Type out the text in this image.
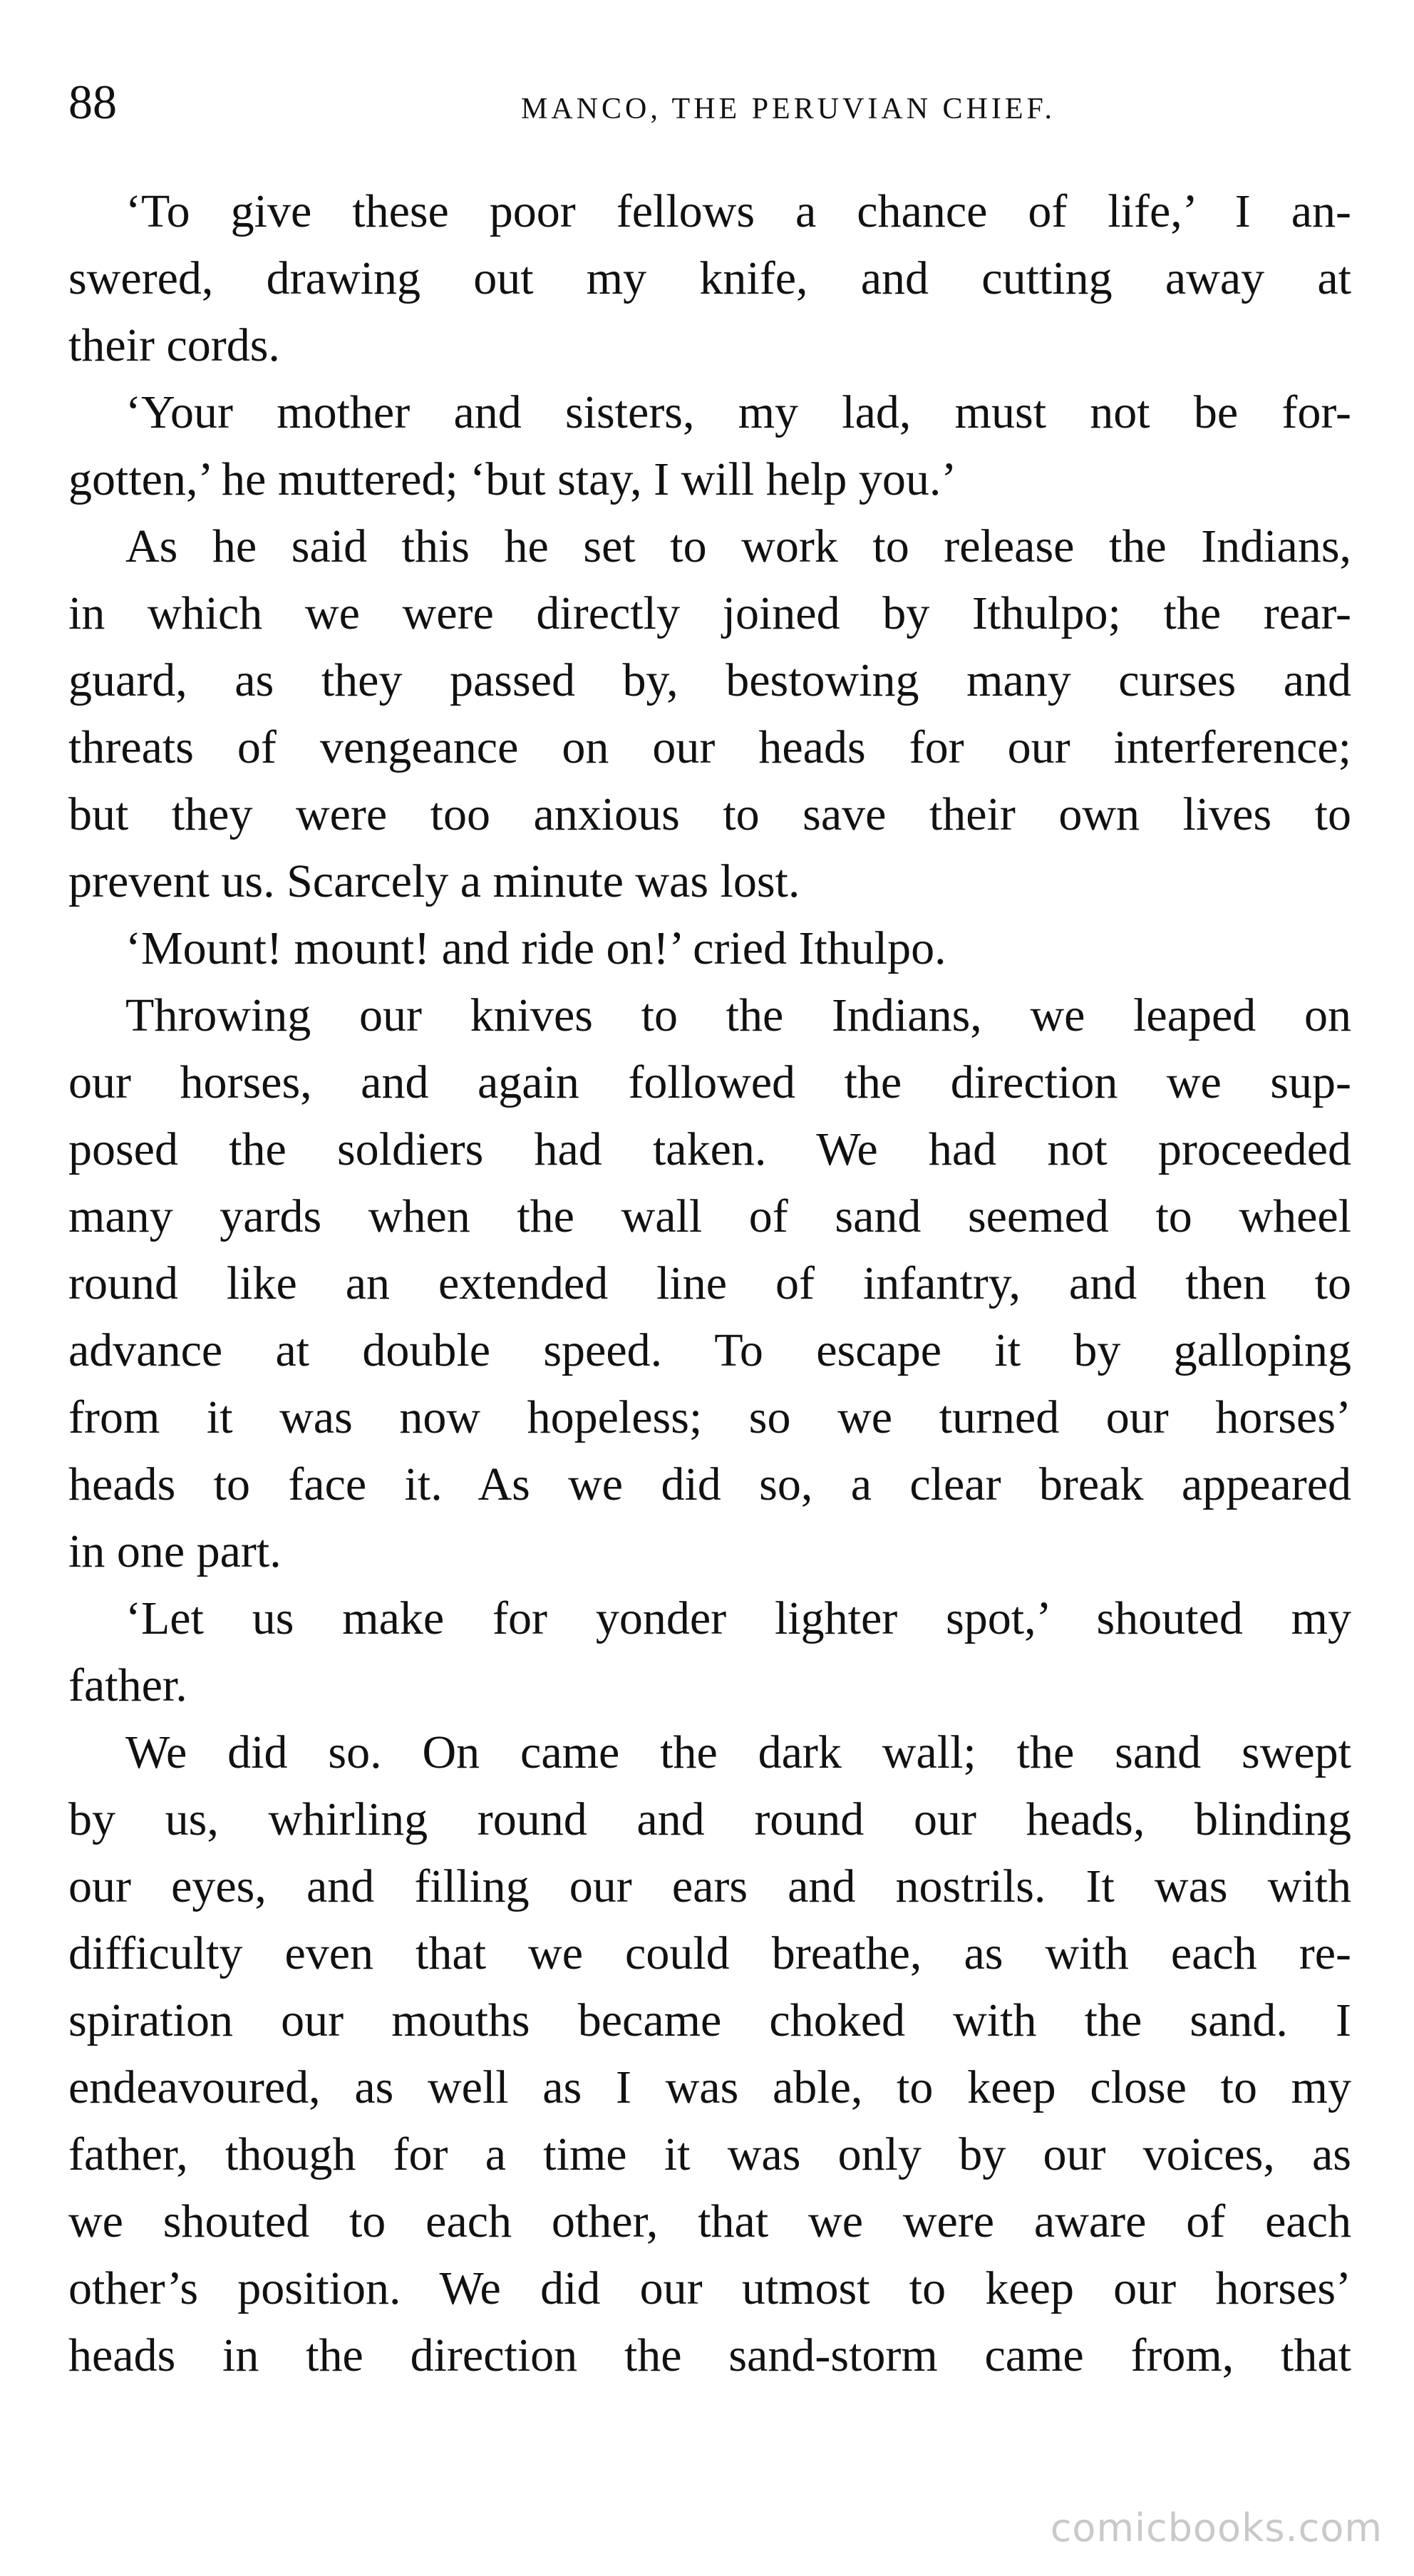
88	MANCO, THE PERUVIAN CHIEF.
‘To give these poor fellows a chance of life,’ I an-
swered, drawing out my knife, and cutting away at
their cords.
‘Your mother and sisters, my lad, must not be for-
gotten,’ he muttered; ‘but stay, I will help you.’
As he said this he set to work to release the Indians,
in which we were directly joined by Ithulpo; the rear-
guard, as they passed by, bestowing many curses and
threats of vengeance on our heads for our interference;
but they were too anxious to save their own lives to
prevent us. Scarcely a minute was lost.
‘Mount! mount! and ride on!’ cried Ithulpo.
Throwing our knives to the Indians, we leaped on
our horses, and again followed the direction we sup-
posed the soldiers had taken. We had not proceeded
many yards when the wall of sand seemed to wheel
round like an extended line of infantry, and then to
advance at double speed. To escape it by galloping
from it was now hopeless; so we turned our horses’
heads to face it. As we did so, a clear break appeared
in one part.
‘Let us make for yonder lighter spot,’ shouted my
father.
We did so. On came the dark wall; the sand swept
by us, whirling round and round our heads, blinding
our eyes, and filling our ears and nostrils. It was with
difficulty even that we could breathe, as with each re-
spiration our mouths became choked with the sand. I
endeavoured, as well as I was able, to keep close to my
father, though for a time it was only by our voices, as
we shouted to each other, that we were aware of each
other’s position. We did our utmost to keep our horses’
heads in the direction the sand-storm came from, that
comicbooks.com
